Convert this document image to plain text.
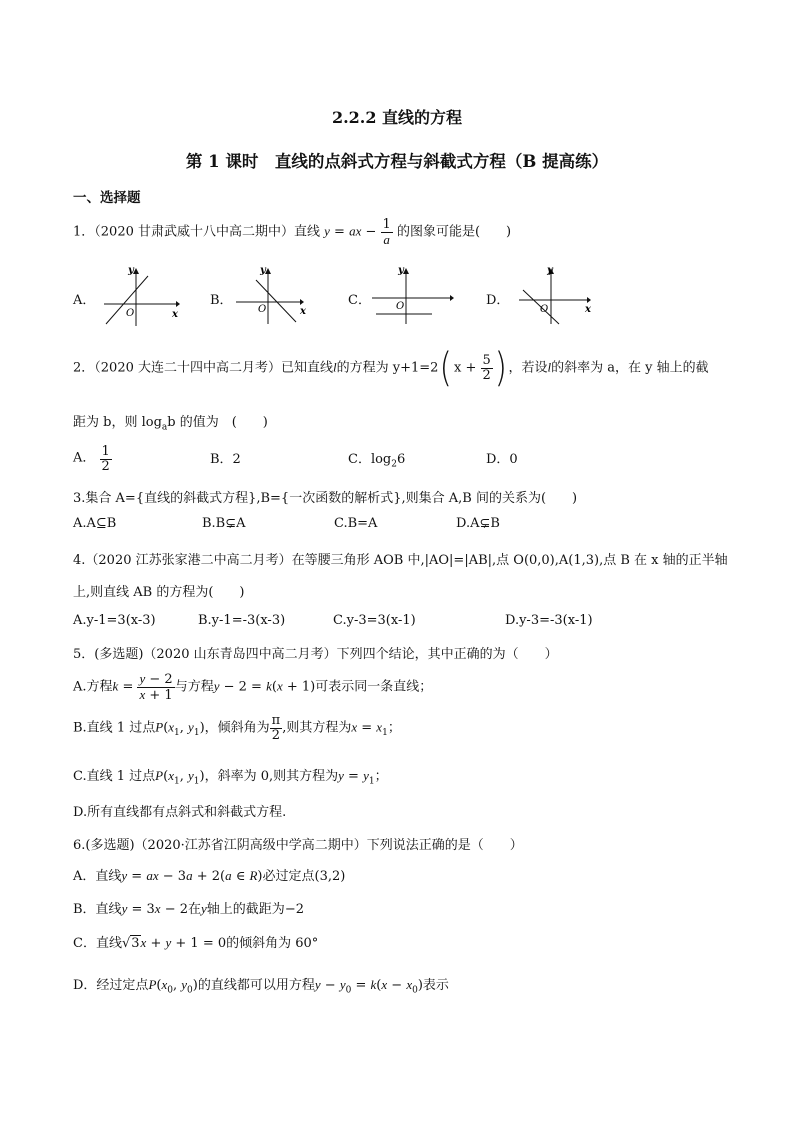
2.2.2 直线的方程
第 1 课时　直线的点斜式方程与斜截式方程（B 提高练）
一、选择题
1．（2020 甘肃武威十八中高二期中）直线 y = ax − $\frac{1}{a}$ 的图象可能是(　　)
A．	B．	C．	D．
y
x
O
y
x
O
y
O
y
x
O
2．（2020 大连二十四中高二月考）已知直线l的方程为 y+1=2( $x + \frac{5}{2}$ ) ，若设l的斜率为 a，在 y 轴上的截
距为 b，则 $\log_ab$ 的值为　(　　)
A． $\frac{1}{2}$	B．2	C．$\log_26$	D．0
3.集合 A={直线的斜截式方程},B={一次函数的解析式},则集合 A,B 间的关系为(　　)
A.A⊆B	B.B⊊A	C.B=A	D.A⊊B
4.（2020 江苏张家港二中高二月考）在等腰三角形 AOB 中,|AO|=|AB|,点 O(0,0),A(1,3),点 B 在 x 轴的正半轴
上,则直线 AB 的方程为(　　)
A.y-1=3(x-3)	B.y-1=-3(x-3)	C.y-3=3(x-1)	D.y-3=-3(x-1)
5．(多选题)（2020 山东青岛四中高二月考）下列四个结论，其中正确的为（　　）
A.方程$k = \frac{y - 2}{x + 1}$ 与方程y − 2 = k(x + 1)可表示同一条直线；
B.直线 1 过点$P(x_1$, $y_1$)，倾斜角为 $\frac{\pi}{2}$ ,则其方程为$x = x_1$；
C.直线 1 过点$P(x_1$, $y_1$)，斜率为 0,则其方程为$y = y_1$；
D.所有直线都有点斜式和斜截式方程.
6.(多选题)（2020·江苏省江阴高级中学高二期中）下列说法正确的是（　　）
A．直线y = ax − 3a + 2(a ∈ R)必过定点(3,2)
B．直线y = 3x − 2在y轴上的截距为−2
C．直线√3x + y + 1 = 0的倾斜角为 60°
D．经过定点$P(x_0$, $y_0$)的直线都可以用方程$y - y_0 = k(x - x_0)$表示
